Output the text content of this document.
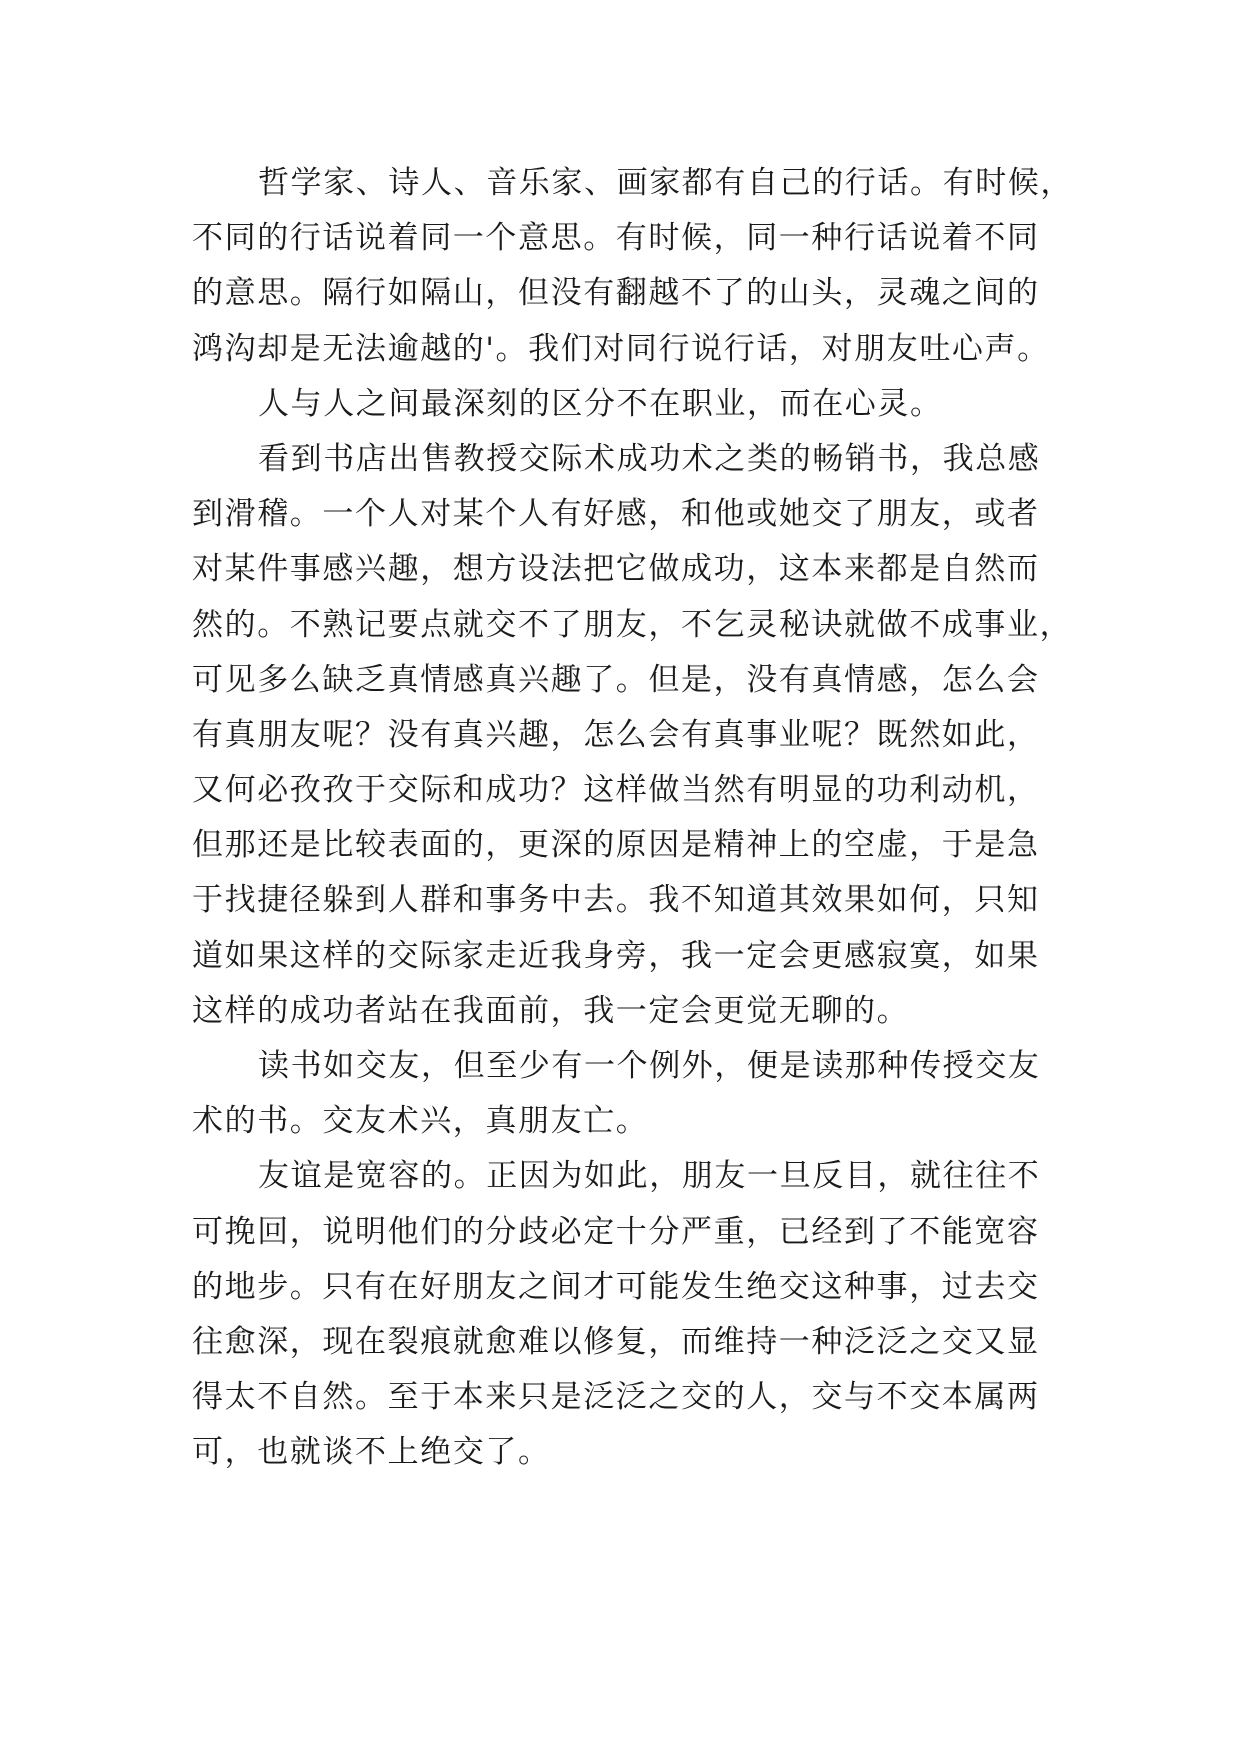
哲学家、诗人、音乐家、画家都有自己的行话。有时候，
不同的行话说着同一个意思。有时候，同一种行话说着不同
的意思。隔行如隔山，但没有翻越不了的山头，灵魂之间的
鸿沟却是无法逾越的'。我们对同行说行话，对朋友吐心声。
人与人之间最深刻的区分不在职业，而在心灵。
看到书店出售教授交际术成功术之类的畅销书，我总感
到滑稽。一个人对某个人有好感，和他或她交了朋友，或者
对某件事感兴趣，想方设法把它做成功，这本来都是自然而
然的。不熟记要点就交不了朋友，不乞灵秘诀就做不成事业，
可见多么缺乏真情感真兴趣了。但是，没有真情感，怎么会
有真朋友呢？没有真兴趣，怎么会有真事业呢？既然如此，
又何必孜孜于交际和成功？这样做当然有明显的功利动机，
但那还是比较表面的，更深的原因是精神上的空虚，于是急
于找捷径躲到人群和事务中去。我不知道其效果如何，只知
道如果这样的交际家走近我身旁，我一定会更感寂寞，如果
这样的成功者站在我面前，我一定会更觉无聊的。
读书如交友，但至少有一个例外，便是读那种传授交友
术的书。交友术兴，真朋友亡。
友谊是宽容的。正因为如此，朋友一旦反目，就往往不
可挽回，说明他们的分歧必定十分严重，已经到了不能宽容
的地步。只有在好朋友之间才可能发生绝交这种事，过去交
往愈深，现在裂痕就愈难以修复，而维持一种泛泛之交又显
得太不自然。至于本来只是泛泛之交的人，交与不交本属两
可，也就谈不上绝交了。
